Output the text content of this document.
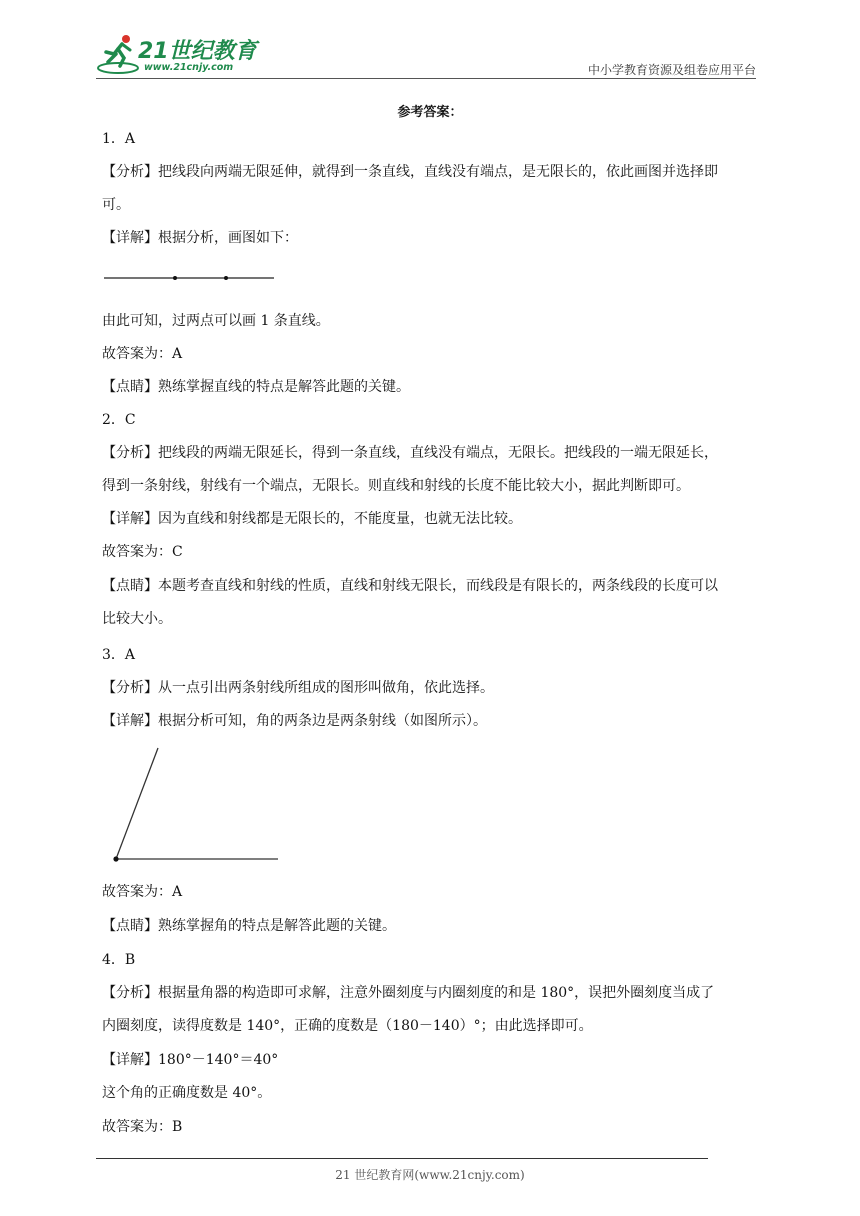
21世纪教育
www.21cnjy.com	中小学教育资源及组卷应用平台
参考答案：
1．A
【分析】把线段向两端无限延伸，就得到一条直线，直线没有端点，是无限长的，依此画图并选择即
可。
【详解】根据分析，画图如下：
由此可知，过两点可以画 1 条直线。
故答案为：A
【点睛】熟练掌握直线的特点是解答此题的关键。
2．C
【分析】把线段的两端无限延长，得到一条直线，直线没有端点，无限长。把线段的一端无限延长，
得到一条射线，射线有一个端点，无限长。则直线和射线的长度不能比较大小，据此判断即可。
【详解】因为直线和射线都是无限长的，不能度量，也就无法比较。
故答案为：C
【点睛】本题考查直线和射线的性质，直线和射线无限长，而线段是有限长的，两条线段的长度可以
比较大小。
3．A
【分析】从一点引出两条射线所组成的图形叫做角，依此选择。
【详解】根据分析可知，角的两条边是两条射线（如图所示）。
故答案为：A
【点睛】熟练掌握角的特点是解答此题的关键。
4．B
【分析】根据量角器的构造即可求解，注意外圈刻度与内圈刻度的和是 180°，误把外圈刻度当成了
内圈刻度，读得度数是 140°，正确的度数是（180－140）°；由此选择即可。
【详解】180°－140°＝40°
这个角的正确度数是 40°。
故答案为：B
21 世纪教育网(www.21cnjy.com)
